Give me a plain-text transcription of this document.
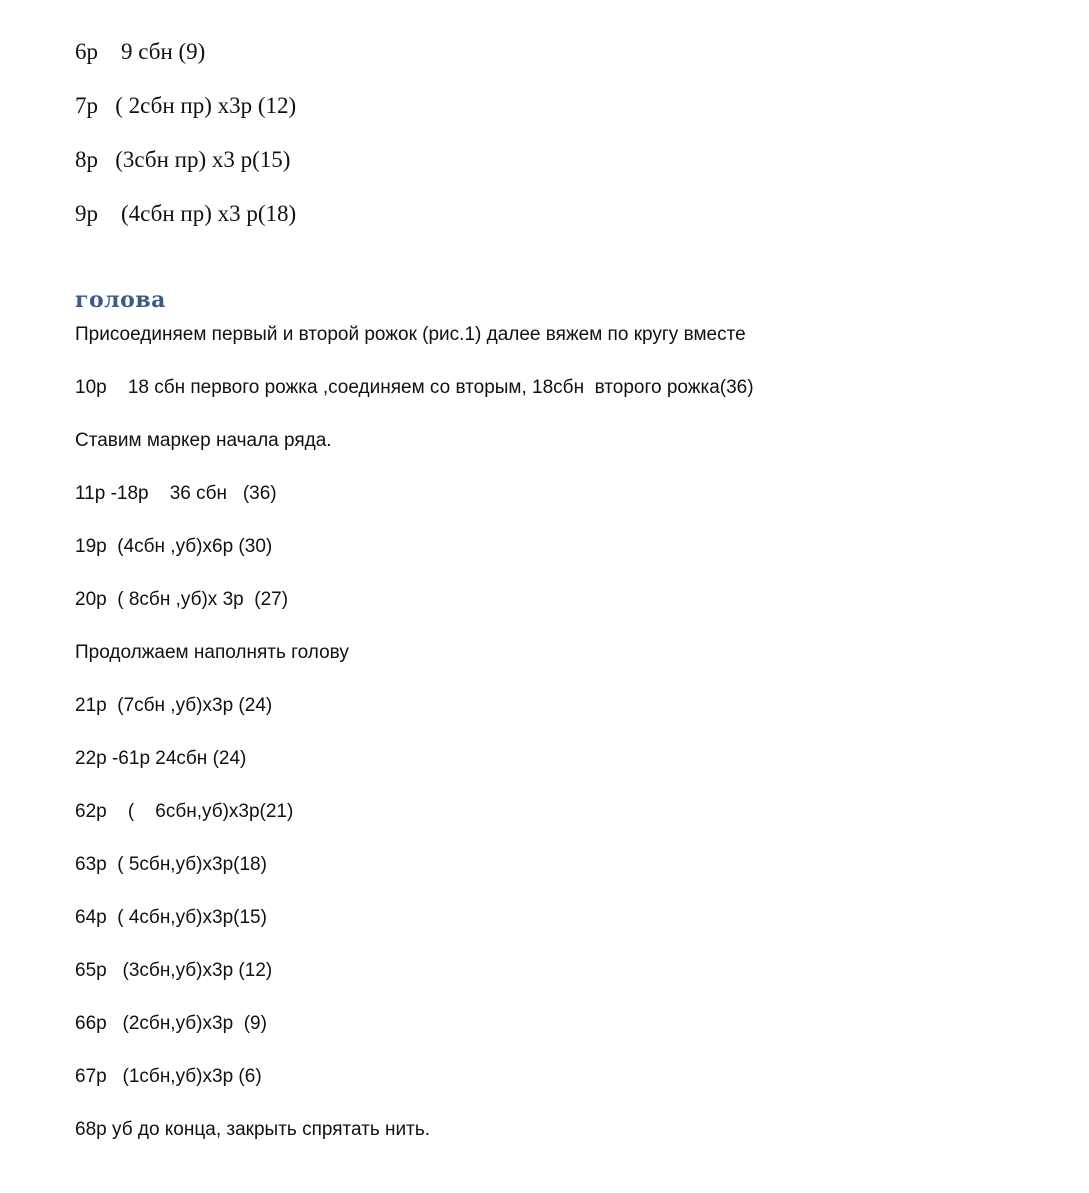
6р    9 сбн (9)
7р   ( 2сбн пр) х3р (12)
8р   (3сбн пр) х3 р(15)
9р    (4сбн пр) х3 р(18)
голова
Присоединяем первый и второй рожок (рис.1) далее вяжем по кругу вместе
10р    18 сбн первого рожка ,соединяем со вторым, 18сбн  второго рожка(36)
Ставим маркер начала ряда.
11р -18р    36 сбн   (36)
19р  (4сбн ,уб)х6р (30)
20р  ( 8сбн ,уб)х 3р  (27)
Продолжаем наполнять голову
21р  (7сбн ,уб)х3р (24)
22р -61р 24сбн (24)
62р    (    6сбн,уб)х3р(21)
63р  ( 5сбн,уб)х3р(18)
64р  ( 4сбн,уб)х3р(15)
65р   (3сбн,уб)х3р (12)
66р   (2сбн,уб)х3р  (9)
67р   (1сбн,уб)х3р (6)
68р уб до конца, закрыть спрятать нить.
